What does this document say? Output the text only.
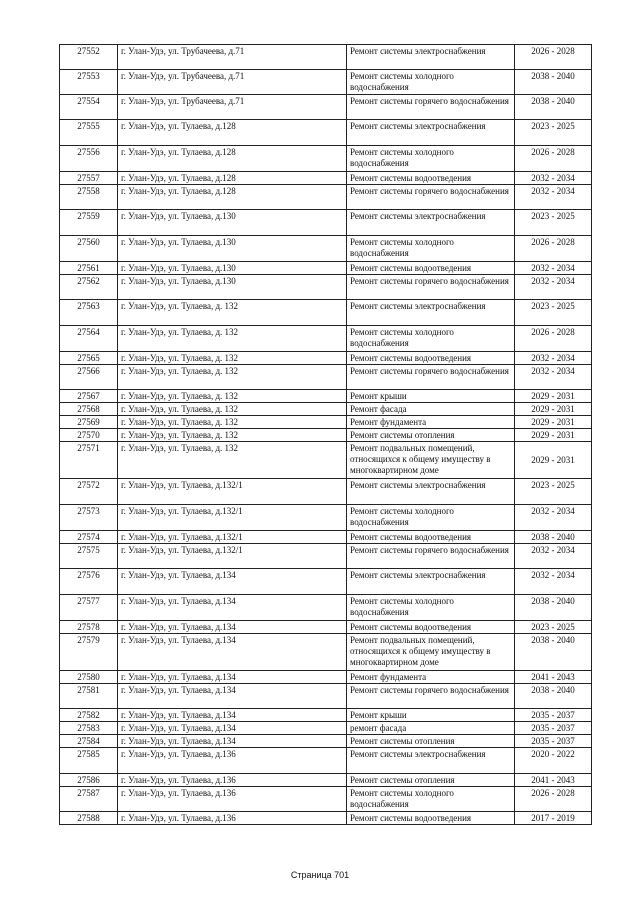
27552	г. Улан-Удэ, ул. Трубачеева, д.71	Ремонт системы электроснабжения	2026 - 2028
27553	г. Улан-Удэ, ул. Трубачеева, д.71	Ремонт системы холодного водоснабжения	2038 - 2040
27554	г. Улан-Удэ, ул. Трубачеева, д.71	Ремонт системы горячего водоснабжения	2038 - 2040
27555	г. Улан-Удэ, ул. Тулаева, д.128	Ремонт системы электроснабжения	2023 - 2025
27556	г. Улан-Удэ, ул. Тулаева, д.128	Ремонт системы холодного водоснабжения	2026 - 2028
27557	г. Улан-Удэ, ул. Тулаева, д.128	Ремонт системы водоотведения	2032 - 2034
27558	г. Улан-Удэ, ул. Тулаева, д.128	Ремонт системы горячего водоснабжения	2032 - 2034
27559	г. Улан-Удэ, ул. Тулаева, д.130	Ремонт системы электроснабжения	2023 - 2025
27560	г. Улан-Удэ, ул. Тулаева, д.130	Ремонт системы холодного водоснабжения	2026 - 2028
27561	г. Улан-Удэ, ул. Тулаева, д.130	Ремонт системы водоотведения	2032 - 2034
27562	г. Улан-Удэ, ул. Тулаева, д.130	Ремонт системы горячего водоснабжения	2032 - 2034
27563	г. Улан-Удэ, ул. Тулаева, д. 132	Ремонт системы электроснабжения	2023 - 2025
27564	г. Улан-Удэ, ул. Тулаева, д. 132	Ремонт системы холодного водоснабжения	2026 - 2028
27565	г. Улан-Удэ, ул. Тулаева, д. 132	Ремонт системы водоотведения	2032 - 2034
27566	г. Улан-Удэ, ул. Тулаева, д. 132	Ремонт системы горячего водоснабжения	2032 - 2034
27567	г. Улан-Удэ, ул. Тулаева, д. 132	Ремонт крыши	2029 - 2031
27568	г. Улан-Удэ, ул. Тулаева, д. 132	Ремонт фасада	2029 - 2031
27569	г. Улан-Удэ, ул. Тулаева, д. 132	Ремонт фундамента	2029 - 2031
27570	г. Улан-Удэ, ул. Тулаева, д. 132	Ремонт системы отопления	2029 - 2031
27571	г. Улан-Удэ, ул. Тулаева, д. 132	Ремонт подвальных помещений, относящихся к общему имуществу в многоквартирном доме	2029 - 2031
27572	г. Улан-Удэ, ул. Тулаева, д.132/1	Ремонт системы электроснабжения	2023 - 2025
27573	г. Улан-Удэ, ул. Тулаева, д.132/1	Ремонт системы холодного водоснабжения	2032 - 2034
27574	г. Улан-Удэ, ул. Тулаева, д.132/1	Ремонт системы водоотведения	2038 - 2040
27575	г. Улан-Удэ, ул. Тулаева, д.132/1	Ремонт системы горячего водоснабжения	2032 - 2034
27576	г. Улан-Удэ, ул. Тулаева, д.134	Ремонт системы электроснабжения	2032 - 2034
27577	г. Улан-Удэ, ул. Тулаева, д.134	Ремонт системы холодного водоснабжения	2038 - 2040
27578	г. Улан-Удэ, ул. Тулаева, д.134	Ремонт системы водоотведения	2023 - 2025
27579	г. Улан-Удэ, ул. Тулаева, д.134	Ремонт подвальных помещений, относящихся к общему имуществу в многоквартирном доме	2038 - 2040
27580	г. Улан-Удэ, ул. Тулаева, д.134	Ремонт фундамента	2041 - 2043
27581	г. Улан-Удэ, ул. Тулаева, д.134	Ремонт системы горячего водоснабжения	2038 - 2040
27582	г. Улан-Удэ, ул. Тулаева, д.134	Ремонт крыши	2035 - 2037
27583	г. Улан-Удэ, ул. Тулаева, д.134	ремонт фасада	2035 - 2037
27584	г. Улан-Удэ, ул. Тулаева, д.134	Ремонт системы отопления	2035 - 2037
27585	г. Улан-Удэ, ул. Тулаева, д.136	Ремонт системы электроснабжения	2020 - 2022
27586	г. Улан-Удэ, ул. Тулаева, д.136	Ремонт системы отопления	2041 - 2043
27587	г. Улан-Удэ, ул. Тулаева, д.136	Ремонт системы холодного водоснабжения	2026 - 2028
27588	г. Улан-Удэ, ул. Тулаева, д.136	Ремонт системы водоотведения	2017 - 2019
Страница 701
